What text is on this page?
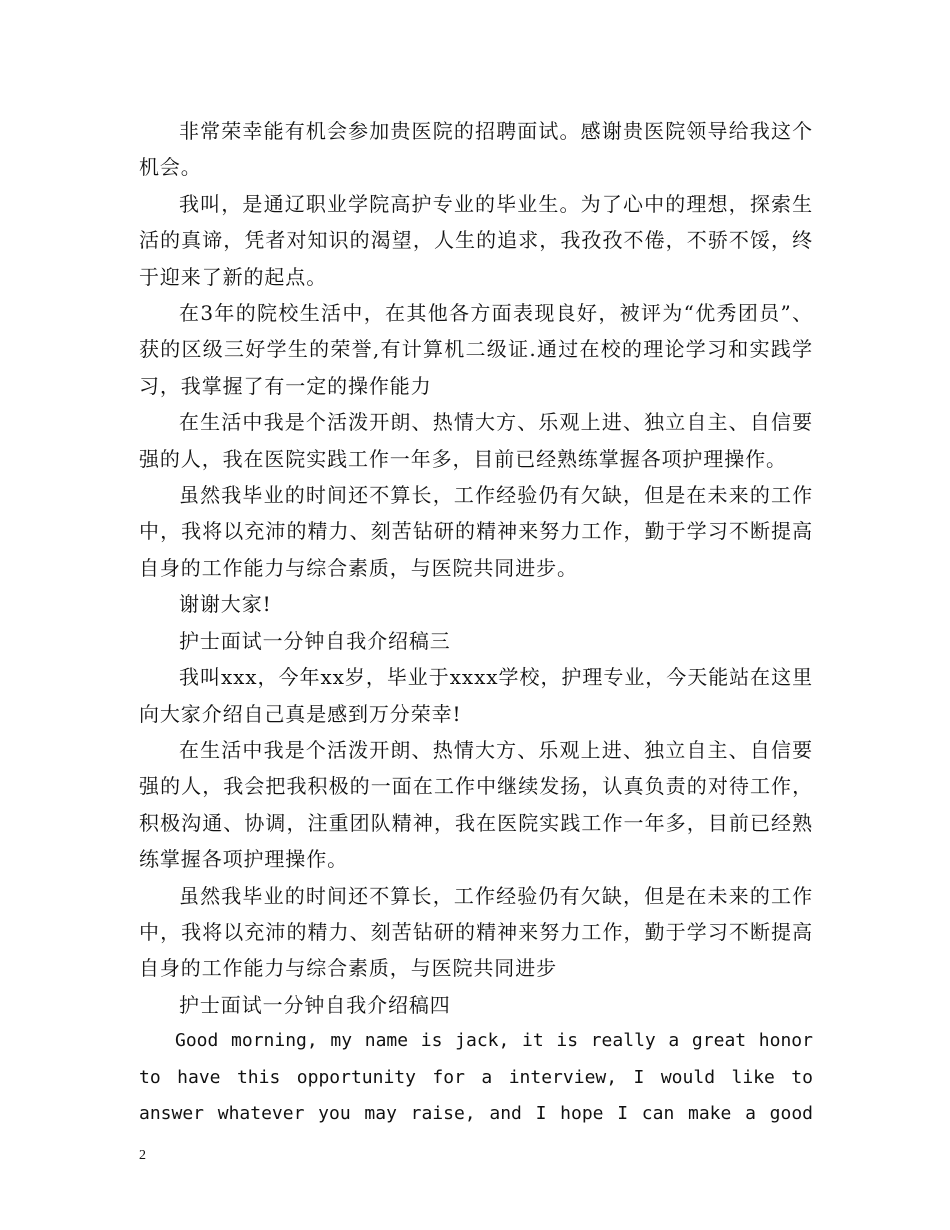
非常荣幸能有机会参加贵医院的招聘面试。感谢贵医院领导给我这个机会。

我叫，是通辽职业学院高护专业的毕业生。为了心中的理想，探索生活的真谛，凭者对知识的渴望，人生的追求，我孜孜不倦，不骄不馁，终于迎来了新的起点。

在3年的院校生活中，在其他各方面表现良好，被评为“优秀团员”、获的区级三好学生的荣誉,有计算机二级证.通过在校的理论学习和实践学习，我掌握了有一定的操作能力

在生活中我是个活泼开朗、热情大方、乐观上进、独立自主、自信要强的人，我在医院实践工作一年多，目前已经熟练掌握各项护理操作。

虽然我毕业的时间还不算长，工作经验仍有欠缺，但是在未来的工作中，我将以充沛的精力、刻苦钻研的精神来努力工作，勤于学习不断提高自身的工作能力与综合素质，与医院共同进步。

谢谢大家!

护士面试一分钟自我介绍稿三

我叫xxx，今年xx岁，毕业于xxxx学校，护理专业，今天能站在这里向大家介绍自己真是感到万分荣幸!

在生活中我是个活泼开朗、热情大方、乐观上进、独立自主、自信要强的人，我会把我积极的一面在工作中继续发扬，认真负责的对待工作，积极沟通、协调，注重团队精神，我在医院实践工作一年多，目前已经熟练掌握各项护理操作。

虽然我毕业的时间还不算长，工作经验仍有欠缺，但是在未来的工作中，我将以充沛的精力、刻苦钻研的精神来努力工作，勤于学习不断提高自身的工作能力与综合素质，与医院共同进步

护士面试一分钟自我介绍稿四

Good morning, my name is jack, it is really a great honor to have this opportunity for a interview, I would like to answer whatever you may raise, and I hope I can make a good

2
